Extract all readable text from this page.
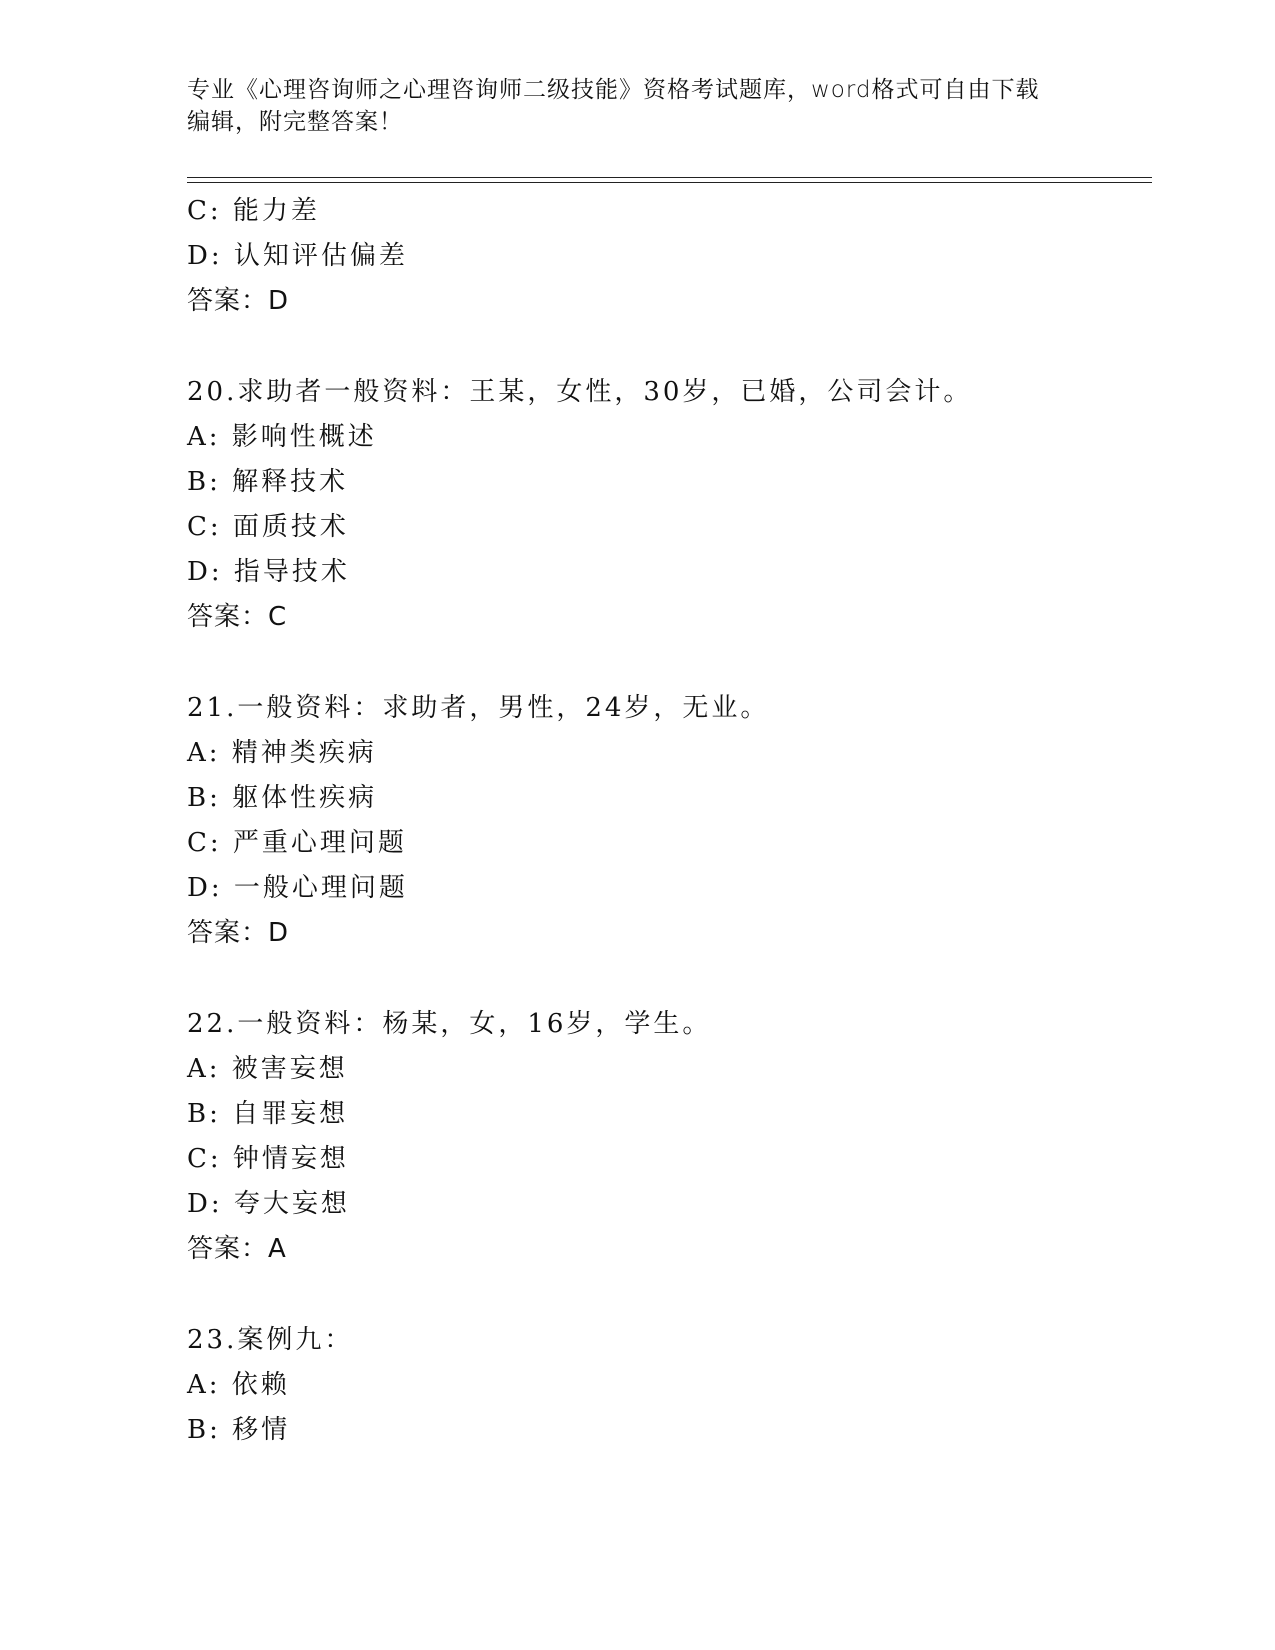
专业《心理咨询师之心理咨询师二级技能》资格考试题库，word格式可自由下载
编辑，附完整答案！
C: 能力差
D: 认知评估偏差
答案：D
20.求助者一般资料：王某，女性，30岁，已婚，公司会计。
A: 影响性概述
B: 解释技术
C: 面质技术
D: 指导技术
答案：C
21.一般资料：求助者，男性，24岁，无业。
A: 精神类疾病
B: 躯体性疾病
C: 严重心理问题
D: 一般心理问题
答案：D
22.一般资料：杨某，女，16岁，学生。
A: 被害妄想
B: 自罪妄想
C: 钟情妄想
D: 夸大妄想
答案：A
23.案例九：
A: 依赖
B: 移情
